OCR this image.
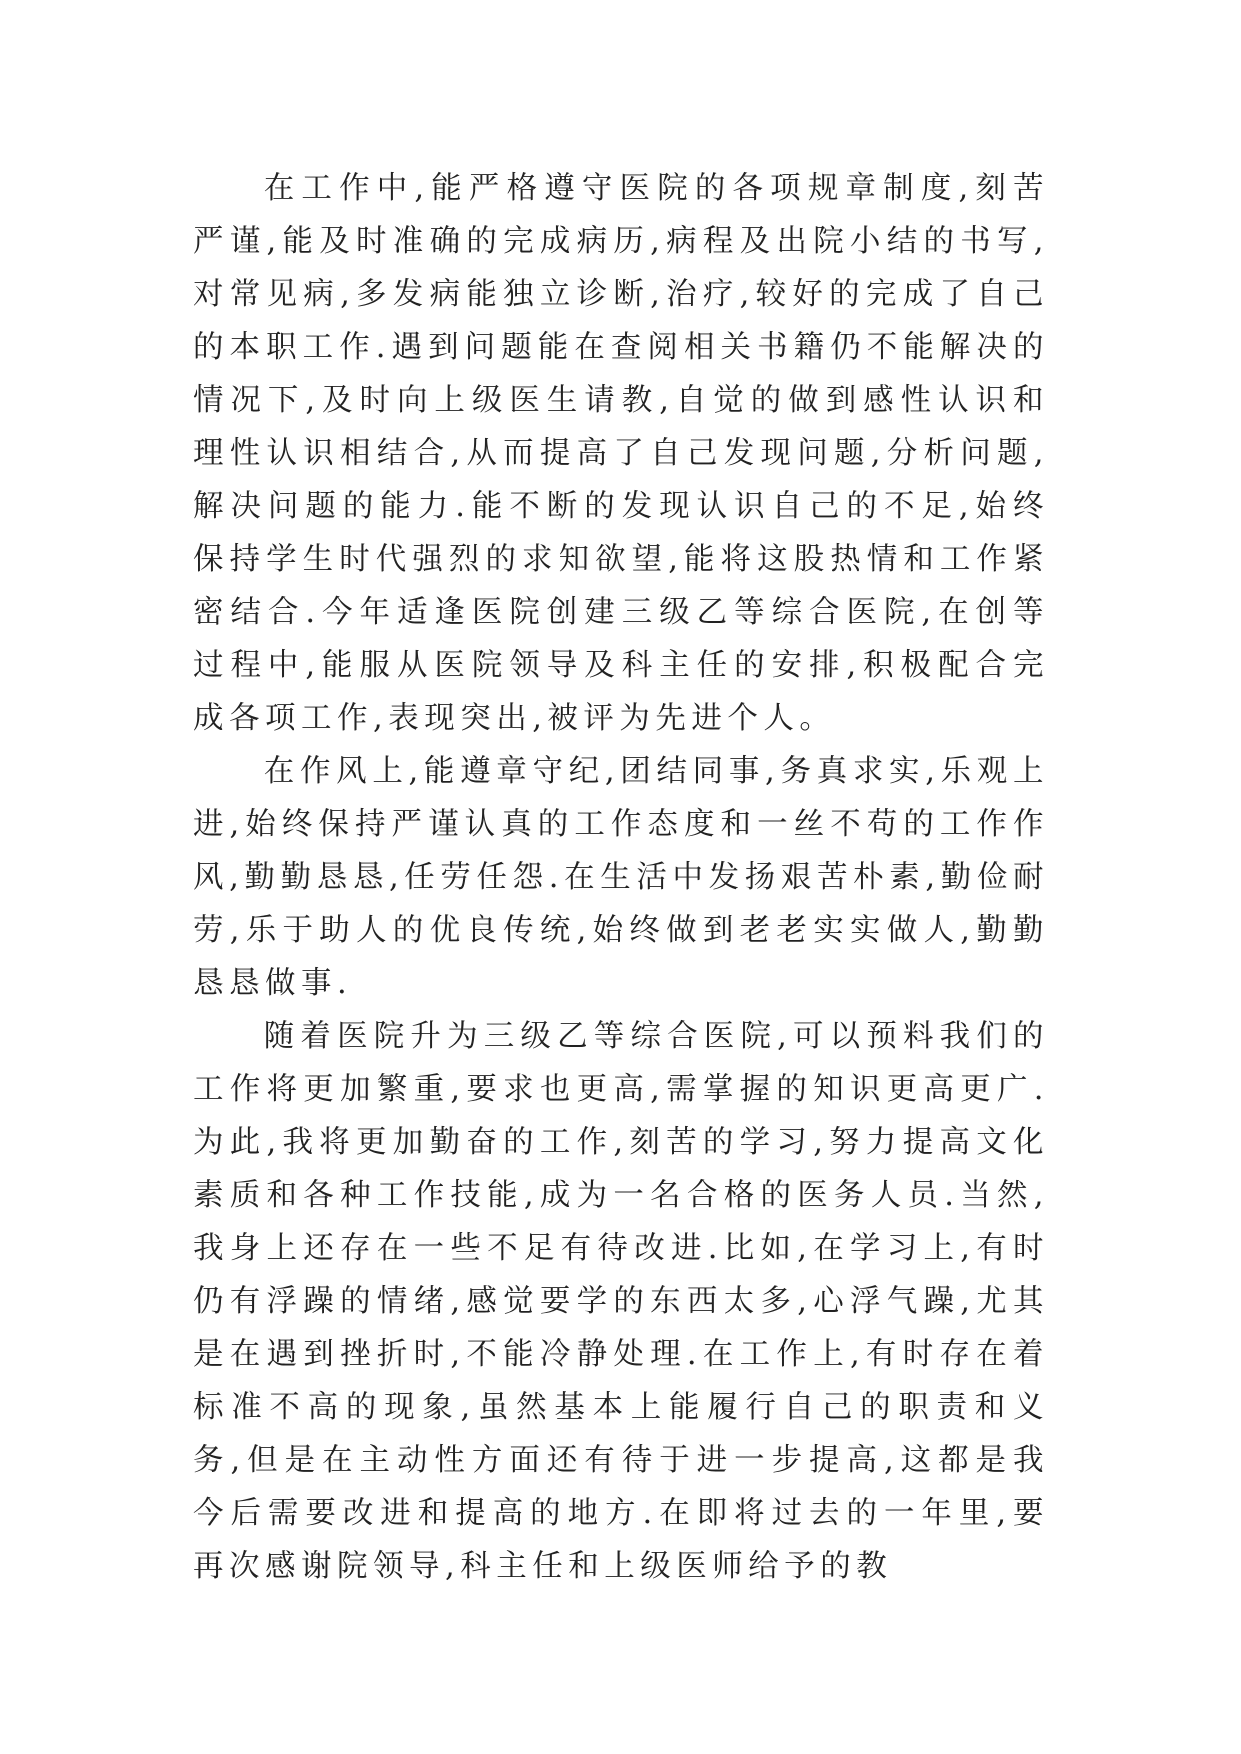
在工作中,能严格遵守医院的各项规章制度,刻苦严谨,能及时准确的完成病历,病程及出院小结的书写,对常见病,多发病能独立诊断,治疗,较好的完成了自己的本职工作.遇到问题能在查阅相关书籍仍不能解决的情况下,及时向上级医生请教,自觉的做到感性认识和理性认识相结合,从而提高了自己发现问题,分析问题,解决问题的能力.能不断的发现认识自己的不足,始终保持学生时代强烈的求知欲望,能将这股热情和工作紧密结合.今年适逢医院创建三级乙等综合医院,在创等过程中,能服从医院领导及科主任的安排,积极配合完成各项工作,表现突出,被评为先进个人。

在作风上,能遵章守纪,团结同事,务真求实,乐观上进,始终保持严谨认真的工作态度和一丝不苟的工作作风,勤勤恳恳,任劳任怨.在生活中发扬艰苦朴素,勤俭耐劳,乐于助人的优良传统,始终做到老老实实做人,勤勤恳恳做事.

随着医院升为三级乙等综合医院,可以预料我们的工作将更加繁重,要求也更高,需掌握的知识更高更广.为此,我将更加勤奋的工作,刻苦的学习,努力提高文化素质和各种工作技能,成为一名合格的医务人员.当然,我身上还存在一些不足有待改进.比如,在学习上,有时仍有浮躁的情绪,感觉要学的东西太多,心浮气躁,尤其是在遇到挫折时,不能冷静处理.在工作上,有时存在着标准不高的现象,虽然基本上能履行自己的职责和义务,但是在主动性方面还有待于进一步提高,这都是我今后需要改进和提高的地方.在即将过去的一年里,要再次感谢院领导,科主任和上级医师给予的教
